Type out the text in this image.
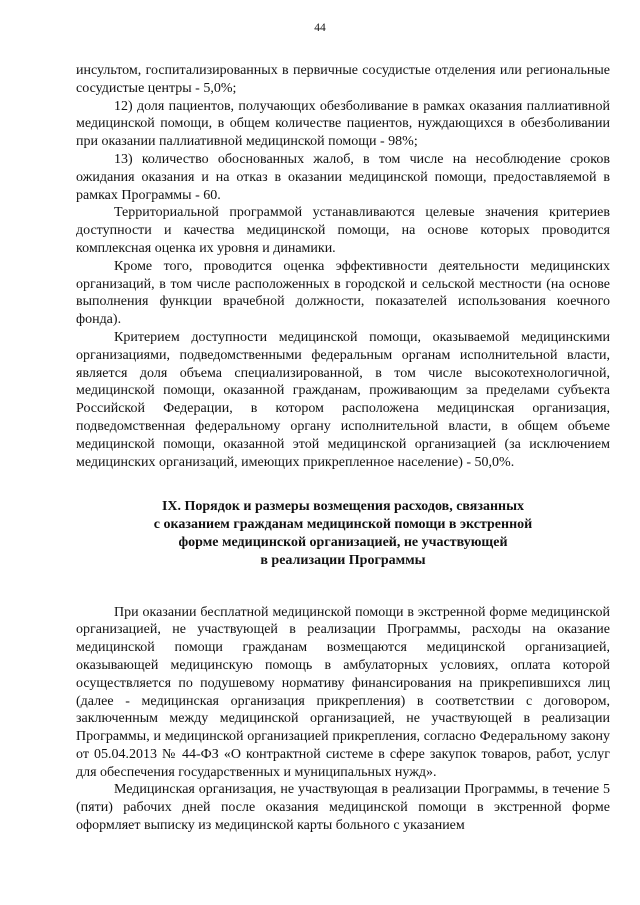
44

инсультом, госпитализированных в первичные сосудистые отделения или региональные сосудистые центры - 5,0%;

12) доля пациентов, получающих обезболивание в рамках оказания паллиативной медицинской помощи, в общем количестве пациентов, нуждающихся в обезболивании при оказании паллиативной медицинской помощи - 98%;

13) количество обоснованных жалоб, в том числе на несоблюдение сроков ожидания оказания и на отказ в оказании медицинской помощи, предоставляемой в рамках Программы - 60.

Территориальной программой устанавливаются целевые значения критериев доступности и качества медицинской помощи, на основе которых проводится комплексная оценка их уровня и динамики.

Кроме того, проводится оценка эффективности деятельности медицинских организаций, в том числе расположенных в городской и сельской местности (на основе выполнения функции врачебной должности, показателей использования коечного фонда).

Критерием доступности медицинской помощи, оказываемой медицинскими организациями, подведомственными федеральным органам исполнительной власти, является доля объема специализированной, в том числе высокотехнологичной, медицинской помощи, оказанной гражданам, проживающим за пределами субъекта Российской Федерации, в котором расположена медицинская организация, подведомственная федеральному органу исполнительной власти, в общем объеме медицинской помощи, оказанной этой медицинской организацией (за исключением медицинских организаций, имеющих прикрепленное население) - 50,0%.

IX. Порядок и размеры возмещения расходов, связанных
с оказанием гражданам медицинской помощи в экстренной
форме медицинской организацией, не участвующей
в реализации Программы

При оказании бесплатной медицинской помощи в экстренной форме медицинской организацией, не участвующей в реализации Программы, расходы на оказание медицинской помощи гражданам возмещаются медицинской организацией, оказывающей медицинскую помощь в амбулаторных условиях, оплата которой осуществляется по подушевому нормативу финансирования на прикрепившихся лиц (далее - медицинская организация прикрепления) в соответствии с договором, заключенным между медицинской организацией, не участвующей в реализации Программы, и медицинской организацией прикрепления, согласно Федеральному закону от 05.04.2013 № 44-ФЗ «О контрактной системе в сфере закупок товаров, работ, услуг для обеспечения государственных и муниципальных нужд».

Медицинская организация, не участвующая в реализации Программы, в течение 5 (пяти) рабочих дней после оказания медицинской помощи в экстренной форме оформляет выписку из медицинской карты больного с указанием
